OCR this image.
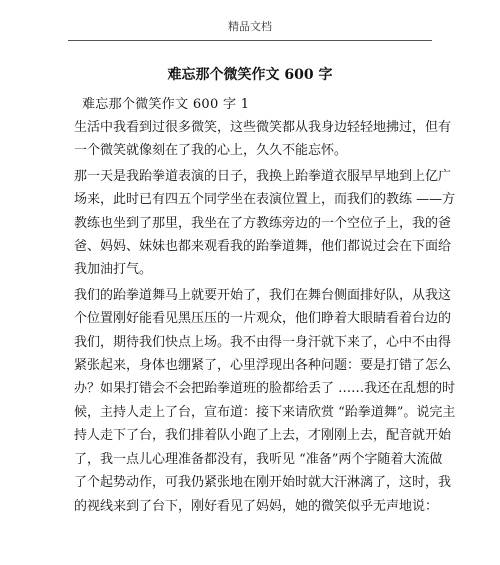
精品文档
难忘那个微笑作文 600 字
难忘那个微笑作文 600 字 1
生活中我看到过很多微笑，这些微笑都从我身边轻轻地拂过，但有
一个微笑就像刻在了我的心上，久久不能忘怀。
那一天是我跆拳道表演的日子，我换上跆拳道衣服早早地到上亿广
场来，此时已有四五个同学坐在表演位置上，而我们的教练 ——方
教练也坐到了那里，我坐在了方教练旁边的一个空位子上，我的爸
爸、妈妈、妹妹也都来观看我的跆拳道舞，他们都说过会在下面给
我加油打气。
我们的跆拳道舞马上就要开始了，我们在舞台侧面排好队，从我这
个位置刚好能看见黑压压的一片观众，他们睁着大眼睛看着台边的
我们，期待我们快点上场。我不由得一身汗就下来了，心中不由得
紧张起来，身体也绷紧了，心里浮现出各种问题：要是打错了怎么
办？如果打错会不会把跆拳道班的脸都给丢了 ……我还在乱想的时
候，主持人走上了台，宣布道：接下来请欣赏 “跆拳道舞”。说完主
持人走下了台，我们排着队小跑了上去，才刚刚上去，配音就开始
了，我一点儿心理准备都没有，我听见 “准备”两个字随着大流做
了个起势动作，可我仍紧张地在刚开始时就大汗淋漓了，这时，我
的视线来到了台下，刚好看见了妈妈，她的微笑似乎无声地说：
